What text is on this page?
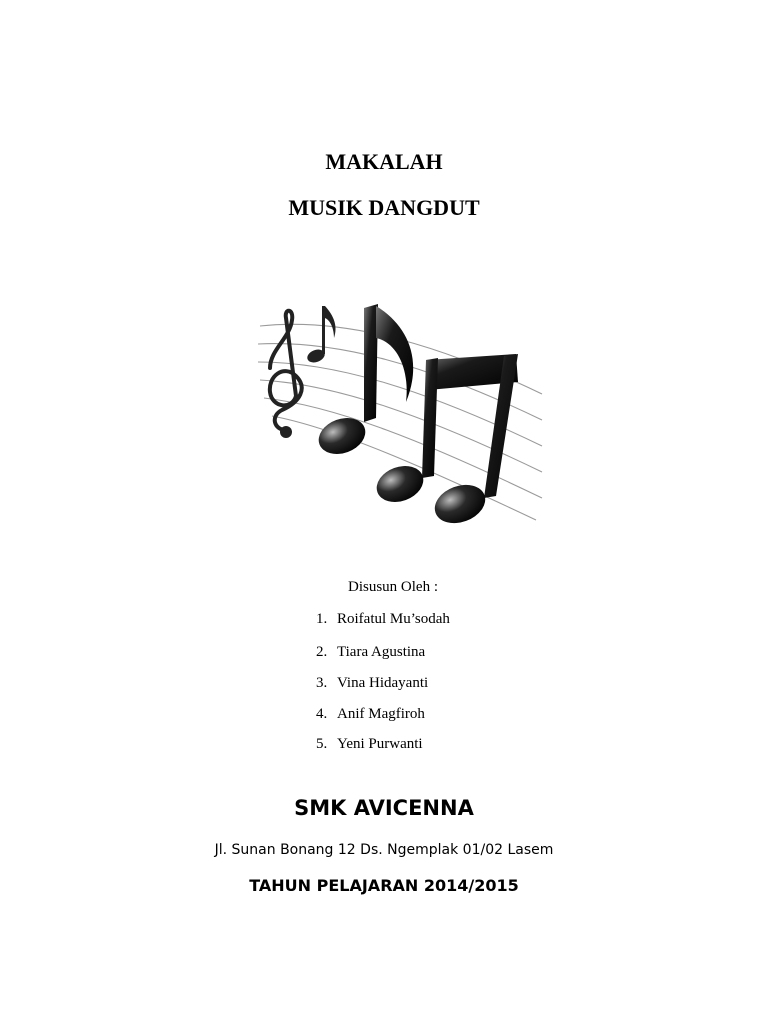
MAKALAH
MUSIK DANGDUT
Disusun Oleh :
1. Roifatul Mu’sodah
2. Tiara Agustina
3. Vina Hidayanti
4. Anif Magfiroh
5. Yeni Purwanti
SMK AVICENNA
Jl. Sunan Bonang 12 Ds. Ngemplak 01/02 Lasem
TAHUN PELAJARAN 2014/2015
